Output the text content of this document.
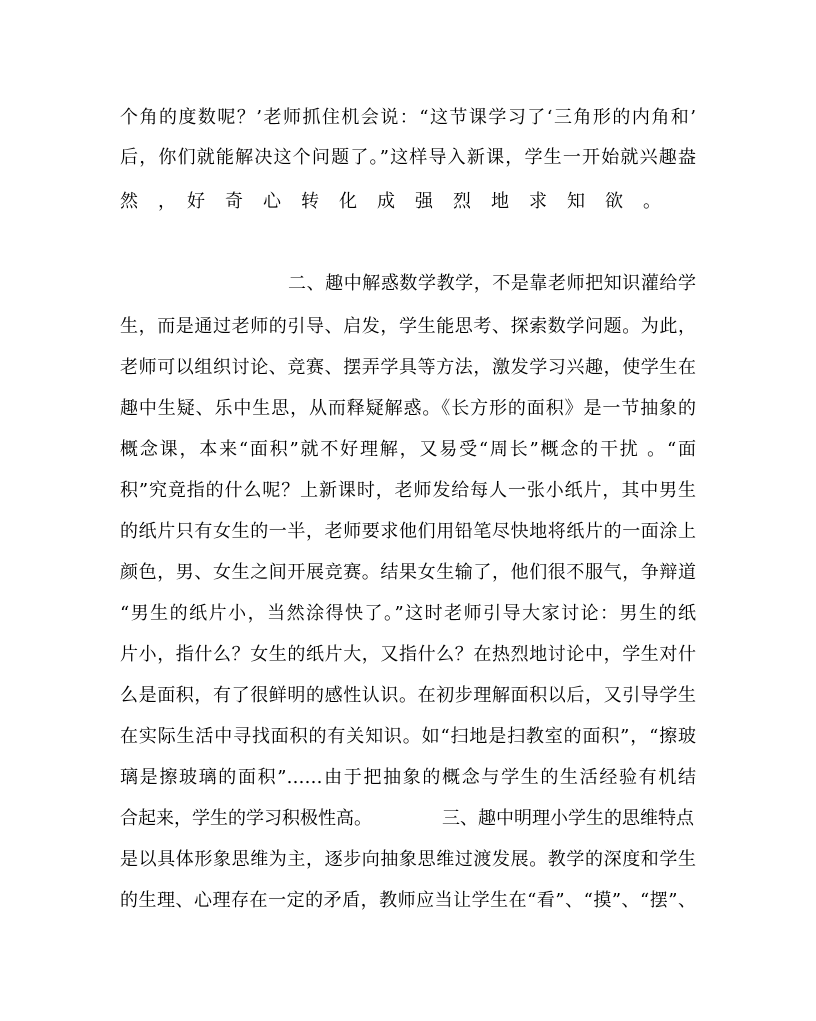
个角的度数呢？’老师抓住机会说：“这节课学习了‘三角形的内角和’
后，你们就能解决这个问题了。”这样导入新课，学生一开始就兴趣盎
然　，　好　奇　心　转　化　成　强　烈　地　求　知　欲　。
二、趣中解惑数学教学，不是靠老师把知识灌给学
生，而是通过老师的引导、启发，学生能思考、探索数学问题。为此，
老师可以组织讨论、竞赛、摆弄学具等方法，激发学习兴趣，使学生在
趣中生疑、乐中生思，从而释疑解惑。《长方形的面积》是一节抽象的
概念课，本来“面积”就不好理解，又易受“周长”概念的干扰 。“面
积”究竟指的什么呢？上新课时，老师发给每人一张小纸片，其中男生
的纸片只有女生的一半，老师要求他们用铅笔尽快地将纸片的一面涂上
颜色，男、女生之间开展竞赛。结果女生输了，他们很不服气，争辩道
“男生的纸片小，当然涂得快了。”这时老师引导大家讨论：男生的纸
片小，指什么？女生的纸片大，又指什么？在热烈地讨论中，学生对什
么是面积，有了很鲜明的感性认识。在初步理解面积以后，又引导学生
在实际生活中寻找面积的有关知识。如“扫地是扫教室的面积”，“擦玻
璃是擦玻璃的面积”……由于把抽象的概念与学生的生活经验有机结
合起来，学生的学习积极性高。	三、趣中明理小学生的思维特点
是以具体形象思维为主，逐步向抽象思维过渡发展。教学的深度和学生
的生理、心理存在一定的矛盾，教师应当让学生在“看”、“摸”、“摆”、
